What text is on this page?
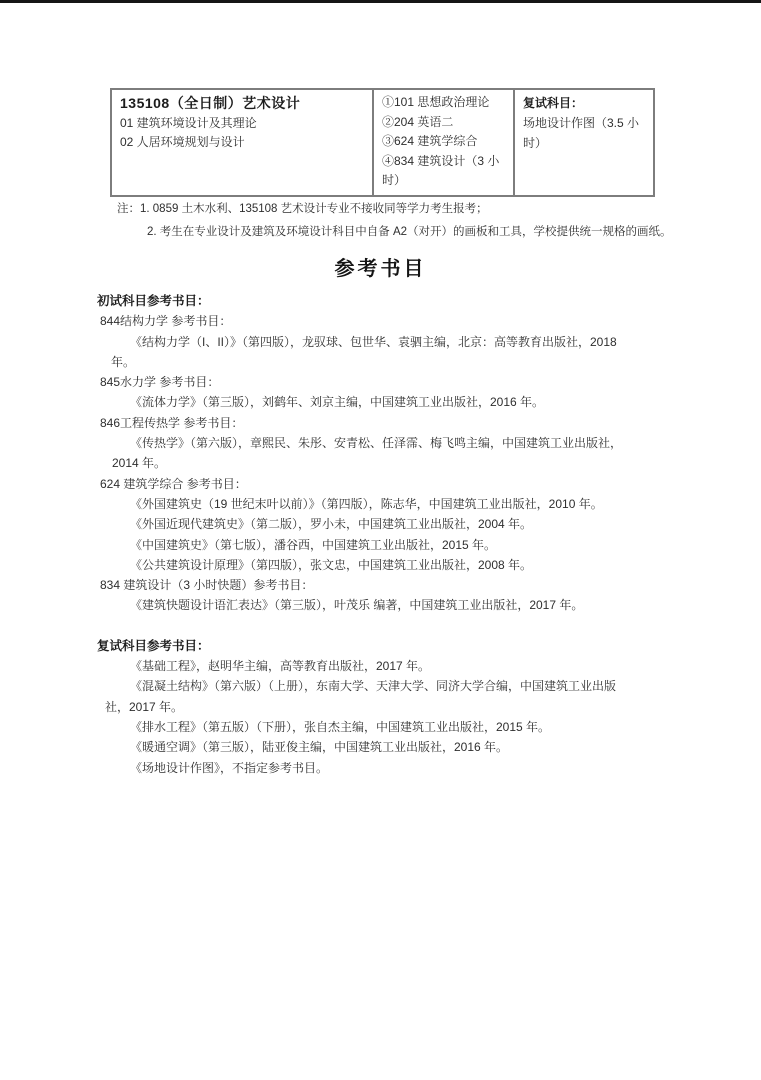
135108（全日制）艺术设计
01 建筑环境设计及其理论
02 人居环境规划与设计

①101 思想政治理论
②204 英语二
③624 建筑学综合
④834 建筑设计（3 小时）

复试科目：
场地设计作图（3.5 小时）
注：1. 0859 土木水利、135108 艺术设计专业不接收同等学力考生报考；
2. 考生在专业设计及建筑及环境设计科目中自备 A2（对开）的画板和工具，学校提供统一规格的画纸。
参考书目
初试科目参考书目：
844结构力学 参考书目：
《结构力学（I、II）》（第四版），龙驭球、包世华、袁驷主编，北京：高等教育出版社，2018
年。
845水力学 参考书目：
《流体力学》（第三版），刘鹤年、刘京主编，中国建筑工业出版社，2016 年。
846工程传热学 参考书目：
《传热学》（第六版），章熙民、朱彤、安青松、任泽霈、梅飞鸣主编，中国建筑工业出版社，
2014 年。
624 建筑学综合 参考书目：
《外国建筑史（19 世纪末叶以前）》（第四版），陈志华，中国建筑工业出版社，2010 年。
《外国近现代建筑史》（第二版），罗小未，中国建筑工业出版社，2004 年。
《中国建筑史》（第七版），潘谷西，中国建筑工业出版社，2015 年。
《公共建筑设计原理》（第四版），张文忠，中国建筑工业出版社，2008 年。
834 建筑设计（3 小时快题）参考书目：
《建筑快题设计语汇表达》（第三版），叶茂乐 编著，中国建筑工业出版社，2017 年。
复试科目参考书目：
《基础工程》，赵明华主编，高等教育出版社，2017 年。
《混凝土结构》（第六版）（上册），东南大学、天津大学、同济大学合编，中国建筑工业出版
社，2017 年。
《排水工程》（第五版）（下册），张自杰主编，中国建筑工业出版社，2015 年。
《暖通空调》（第三版），陆亚俊主编，中国建筑工业出版社，2016 年。
《场地设计作图》，不指定参考书目。
